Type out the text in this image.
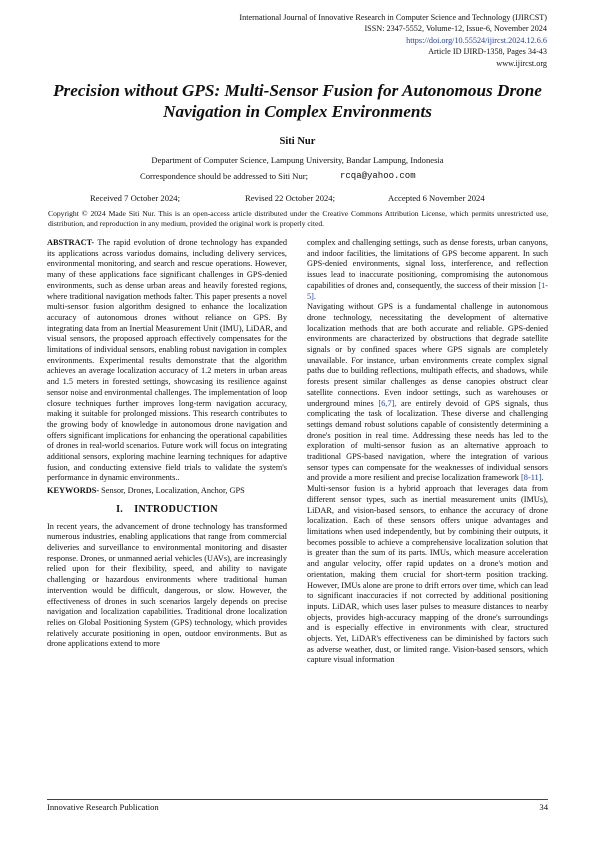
International Journal of Innovative Research in Computer Science and Technology (IJIRCST)
ISSN: 2347-5552, Volume-12, Issue-6, November 2024
https://doi.org/10.55524/ijircst.2024.12.6.6
Article ID IJIRD-1358, Pages 34-43
www.ijircst.org
Precision without GPS: Multi-Sensor Fusion for Autonomous Drone Navigation in Complex Environments
Siti Nur
Department of Computer Science, Lampung University, Bandar Lampung, Indonesia
Correspondence should be addressed to Siti Nur;	rcqa@yahoo.com
Received 7 October 2024;	Revised 22 October 2024;	Accepted 6 November 2024
Copyright © 2024 Made Siti Nur. This is an open-access article distributed under the Creative Commons Attribution License, which permits unrestricted use, distribution, and reproduction in any medium, provided the original work is properly cited.

ABSTRACT- The rapid evolution of drone technology has expanded its applications across variodus domains, including delivery services, environmental monitoring, and search and rescue operations. However, many of these applications face significant challenges in GPS-denied environments, such as dense urban areas and heavily forested regions, where traditional navigation methods falter. This paper presents a novel multi-sensor fusion algorithm designed to enhance the localization accuracy of autonomous drones without reliance on GPS. By integrating data from an Inertial Measurement Unit (IMU), LiDAR, and visual sensors, the proposed approach effectively compensates for the limitations of individual sensors, enabling robust navigation in complex environments. Experimental results demonstrate that the algorithm achieves an average localization accuracy of 1.2 meters in urban areas and 1.5 meters in forested settings, showcasing its resilience against sensor noise and environmental challenges. The implementation of loop closure techniques further improves long-term navigation accuracy, making it suitable for prolonged missions. This research contributes to the growing body of knowledge in autonomous drone navigation and offers significant implications for enhancing the operational capabilities of drones in real-world scenarios. Future work will focus on integrating additional sensors, exploring machine learning techniques for adaptive fusion, and conducting extensive field trials to validate the system's performance in dynamic environments..

KEYWORDS- Sensor, Drones, Localization, Anchor, GPS

I. INTRODUCTION

In recent years, the advancement of drone technology has transformed numerous industries, enabling applications that range from commercial deliveries and surveillance to environmental monitoring and disaster response. Drones, or unmanned aerial vehicles (UAVs), are increasingly relied upon for their flexibility, speed, and ability to navigate challenging or hazardous environments where traditional human intervention would be difficult, dangerous, or slow. However, the effectiveness of drones in such scenarios largely depends on precise navigation and localization capabilities. Traditional drone localization relies on Global Positioning System (GPS) technology, which provides relatively accurate positioning in open, outdoor environments. But as drone applications extend to more

complex and challenging settings, such as dense forests, urban canyons, and indoor facilities, the limitations of GPS become apparent. In such GPS-denied environments, signal loss, interference, and reflection issues lead to inaccurate positioning, compromising the autonomous capabilities of drones and, consequently, the success of their mission [1-5].

Navigating without GPS is a fundamental challenge in autonomous drone technology, necessitating the development of alternative localization methods that are both accurate and reliable. GPS-denied environments are characterized by obstructions that degrade satellite signals or by confined spaces where GPS signals are completely unavailable. For instance, urban environments create complex signal paths due to building reflections, multipath effects, and shadows, while forests present similar challenges as dense canopies obstruct clear satellite connections. Even indoor settings, such as warehouses or underground mines [6,7], are entirely devoid of GPS signals, thus complicating the task of localization. These diverse and challenging settings demand robust solutions capable of consistently determining a drone's position in real time. Addressing these needs has led to the exploration of multi-sensor fusion as an alternative approach to traditional GPS-based navigation, where the integration of various sensor types can compensate for the weaknesses of individual sensors and provide a more resilient and precise localization framework [8-11].

Multi-sensor fusion is a hybrid approach that leverages data from different sensor types, such as inertial measurement units (IMUs), LiDAR, and vision-based sensors, to enhance the accuracy of drone localization. Each of these sensors offers unique advantages and limitations when used independently, but by combining their outputs, it becomes possible to achieve a comprehensive localization solution that is greater than the sum of its parts. IMUs, which measure acceleration and angular velocity, offer rapid updates on a drone's motion and orientation, making them crucial for short-term position tracking. However, IMUs alone are prone to drift errors over time, which can lead to significant inaccuracies if not corrected by additional positioning inputs. LiDAR, which uses laser pulses to measure distances to nearby objects, provides high-accuracy mapping of the drone's surroundings and is especially effective in environments with clear, structured objects. Yet, LiDAR's effectiveness can be diminished by factors such as adverse weather, dust, or limited range. Vision-based sensors, which capture visual information

Innovative Research Publication	34
